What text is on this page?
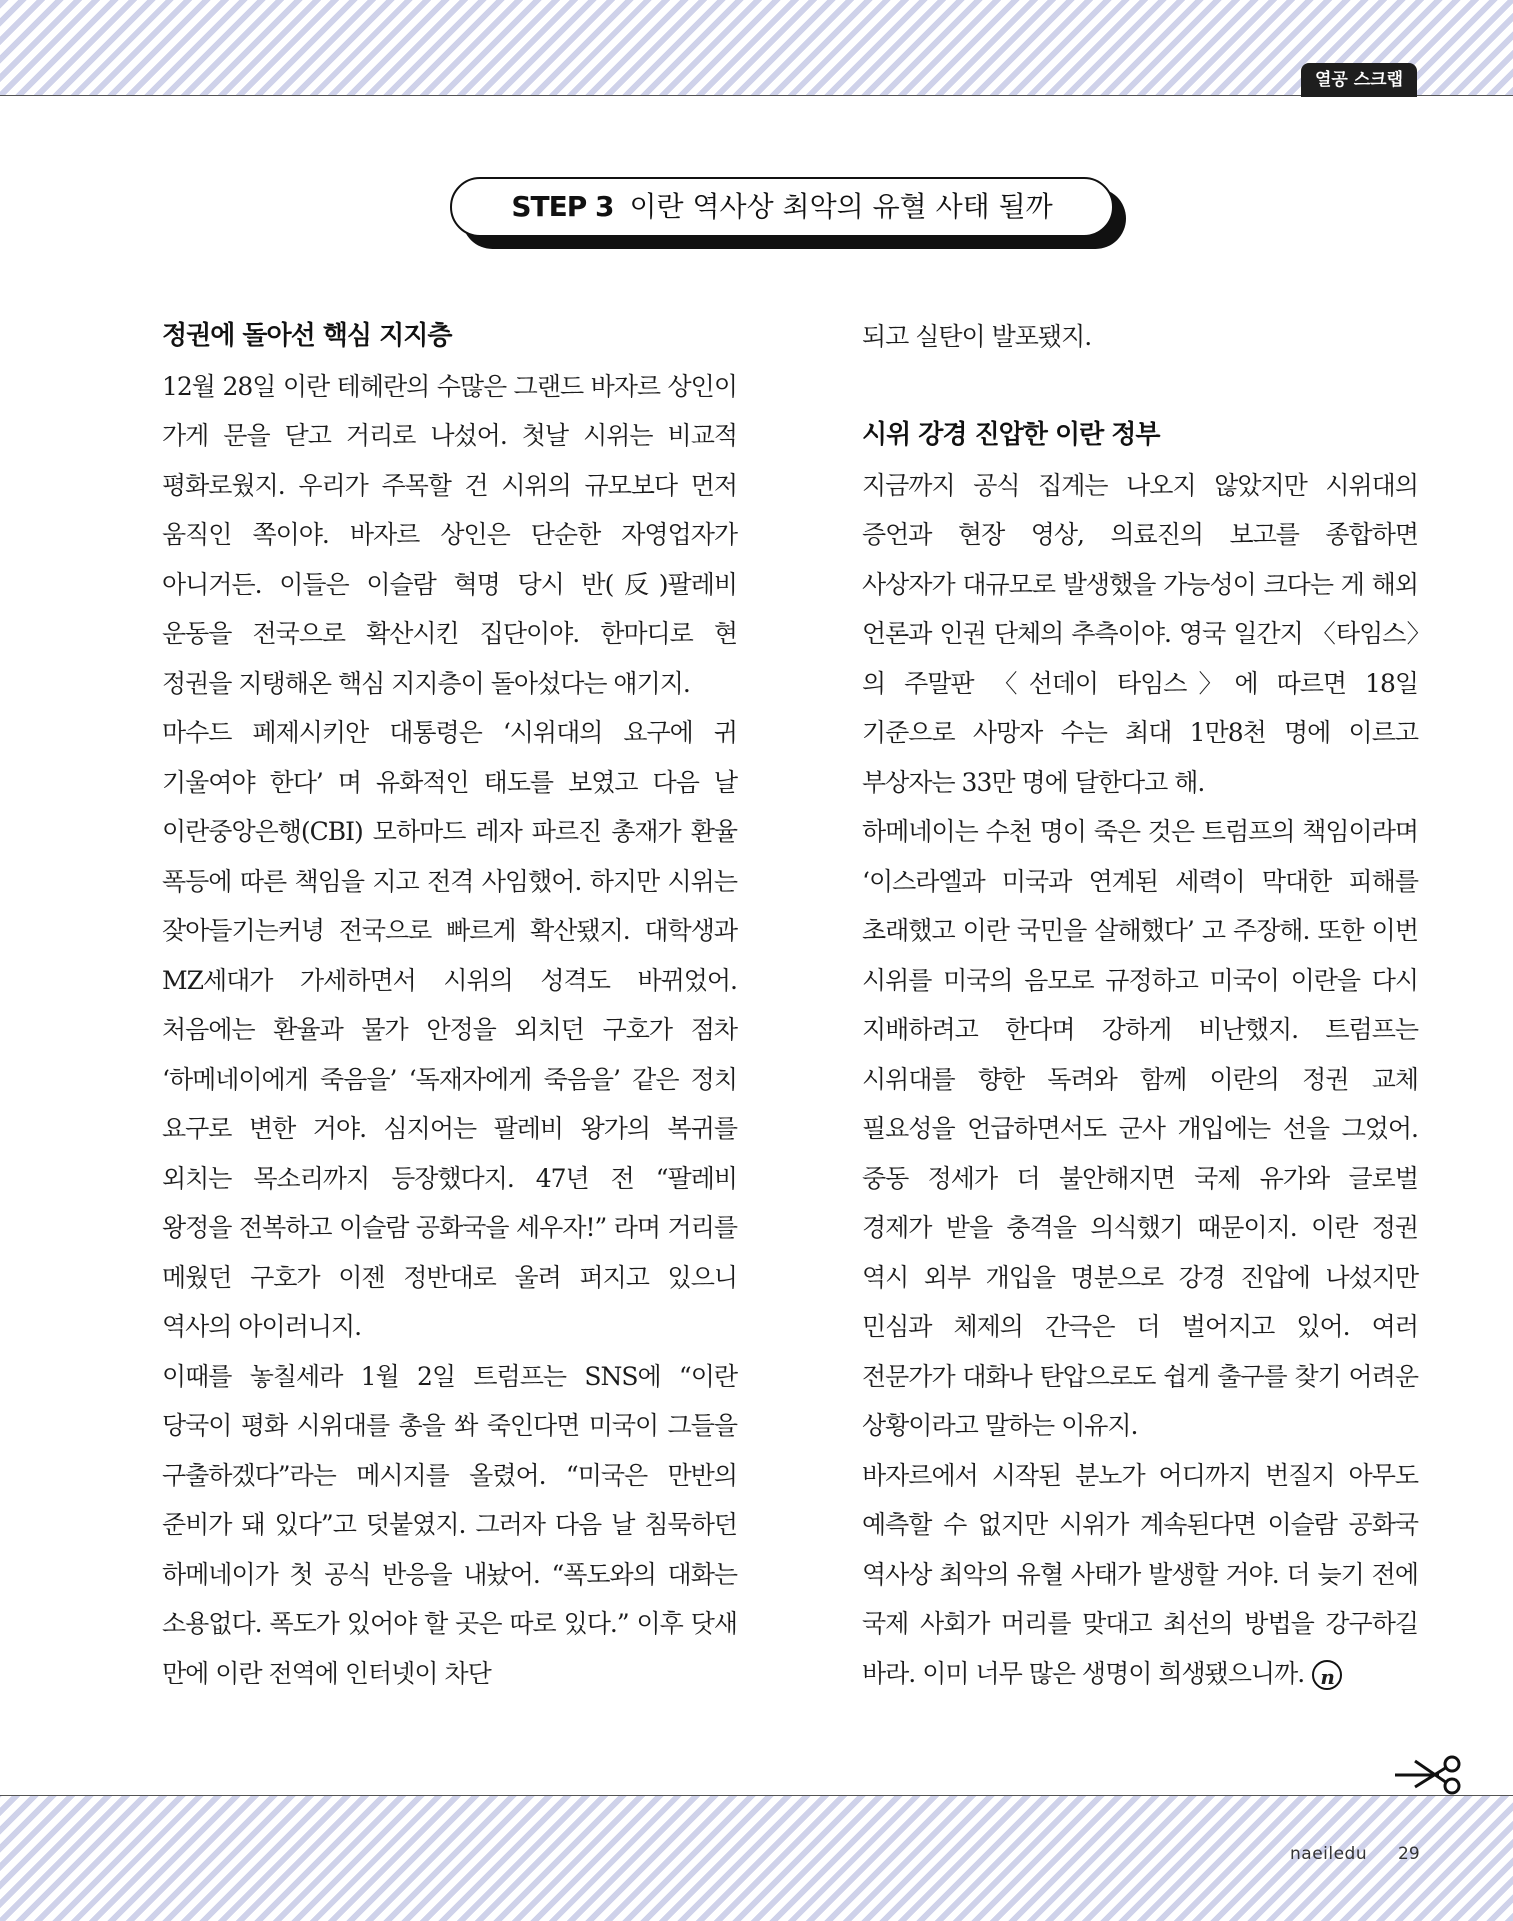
열공 스크랩
STEP 3 이란 역사상 최악의 유혈 사태 될까
정권에 돌아선 핵심 지지층

12월 28일 이란 테헤란의 수많은 그랜드 바자르 상인이 가게 문을 닫고 거리로 나섰어. 첫날 시위는 비교적 평화로웠지. 우리가 주목할 건 시위의 규모보다 먼저 움직인 쪽이야. 바자르 상인은 단순한 자영업자가 아니거든. 이들은 이슬람 혁명 당시 반(反)팔레비 운동을 전국으로 확산시킨 집단이야. 한마디로 현 정권을 지탱해온 핵심 지지층이 돌아섰다는 얘기지.

마수드 페제시키안 대통령은 ‘시위대의 요구에 귀 기울여야 한다’ 며 유화적인 태도를 보였고 다음 날 이란중앙은행(CBI) 모하마드 레자 파르진 총재가 환율 폭등에 따른 책임을 지고 전격 사임했어. 하지만 시위는 잦아들기는커녕 전국으로 빠르게 확산됐지. 대학생과 MZ세대가 가세하면서 시위의 성격도 바뀌었어. 처음에는 환율과 물가 안정을 외치던 구호가 점차 ‘하메네이에게 죽음을’ ‘독재자에게 죽음을’ 같은 정치 요구로 변한 거야. 심지어는 팔레비 왕가의 복귀를 외치는 목소리까지 등장했다지. 47년 전 “팔레비 왕정을 전복하고 이슬람 공화국을 세우자!” 라며 거리를 메웠던 구호가 이젠 정반대로 울려 퍼지고 있으니 역사의 아이러니지.

이때를 놓칠세라 1월 2일 트럼프는 SNS에 “이란 당국이 평화 시위대를 총을 쏴 죽인다면 미국이 그들을 구출하겠다”라는 메시지를 올렸어. “미국은 만반의 준비가 돼 있다”고 덧붙였지. 그러자 다음 날 침묵하던 하메네이가 첫 공식 반응을 내놨어. “폭도와의 대화는 소용없다. 폭도가 있어야 할 곳은 따로 있다.” 이후 닷새 만에 이란 전역에 인터넷이 차단

되고 실탄이 발포됐지.

시위 강경 진압한 이란 정부

지금까지 공식 집계는 나오지 않았지만 시위대의 증언과 현장 영상, 의료진의 보고를 종합하면 사상자가 대규모로 발생했을 가능성이 크다는 게 해외 언론과 인권 단체의 추측이야. 영국 일간지 〈타임스〉의 주말판 〈선데이 타임스〉에 따르면 18일 기준으로 사망자 수는 최대 1만8천 명에 이르고 부상자는 33만 명에 달한다고 해.

하메네이는 수천 명이 죽은 것은 트럼프의 책임이라며 ‘이스라엘과 미국과 연계된 세력이 막대한 피해를 초래했고 이란 국민을 살해했다’ 고 주장해. 또한 이번 시위를 미국의 음모로 규정하고 미국이 이란을 다시 지배하려고 한다며 강하게 비난했지. 트럼프는 시위대를 향한 독려와 함께 이란의 정권 교체 필요성을 언급하면서도 군사 개입에는 선을 그었어. 중동 정세가 더 불안해지면 국제 유가와 글로벌 경제가 받을 충격을 의식했기 때문이지. 이란 정권 역시 외부 개입을 명분으로 강경 진압에 나섰지만 민심과 체제의 간극은 더 벌어지고 있어. 여러 전문가가 대화나 탄압으로도 쉽게 출구를 찾기 어려운 상황이라고 말하는 이유지.

바자르에서 시작된 분노가 어디까지 번질지 아무도 예측할 수 없지만 시위가 계속된다면 이슬람 공화국 역사상 최악의 유혈 사태가 발생할 거야. 더 늦기 전에 국제 사회가 머리를 맞대고 최선의 방법을 강구하길 바라. 이미 너무 많은 생명이 희생됐으니까. n

naeiledu 29
